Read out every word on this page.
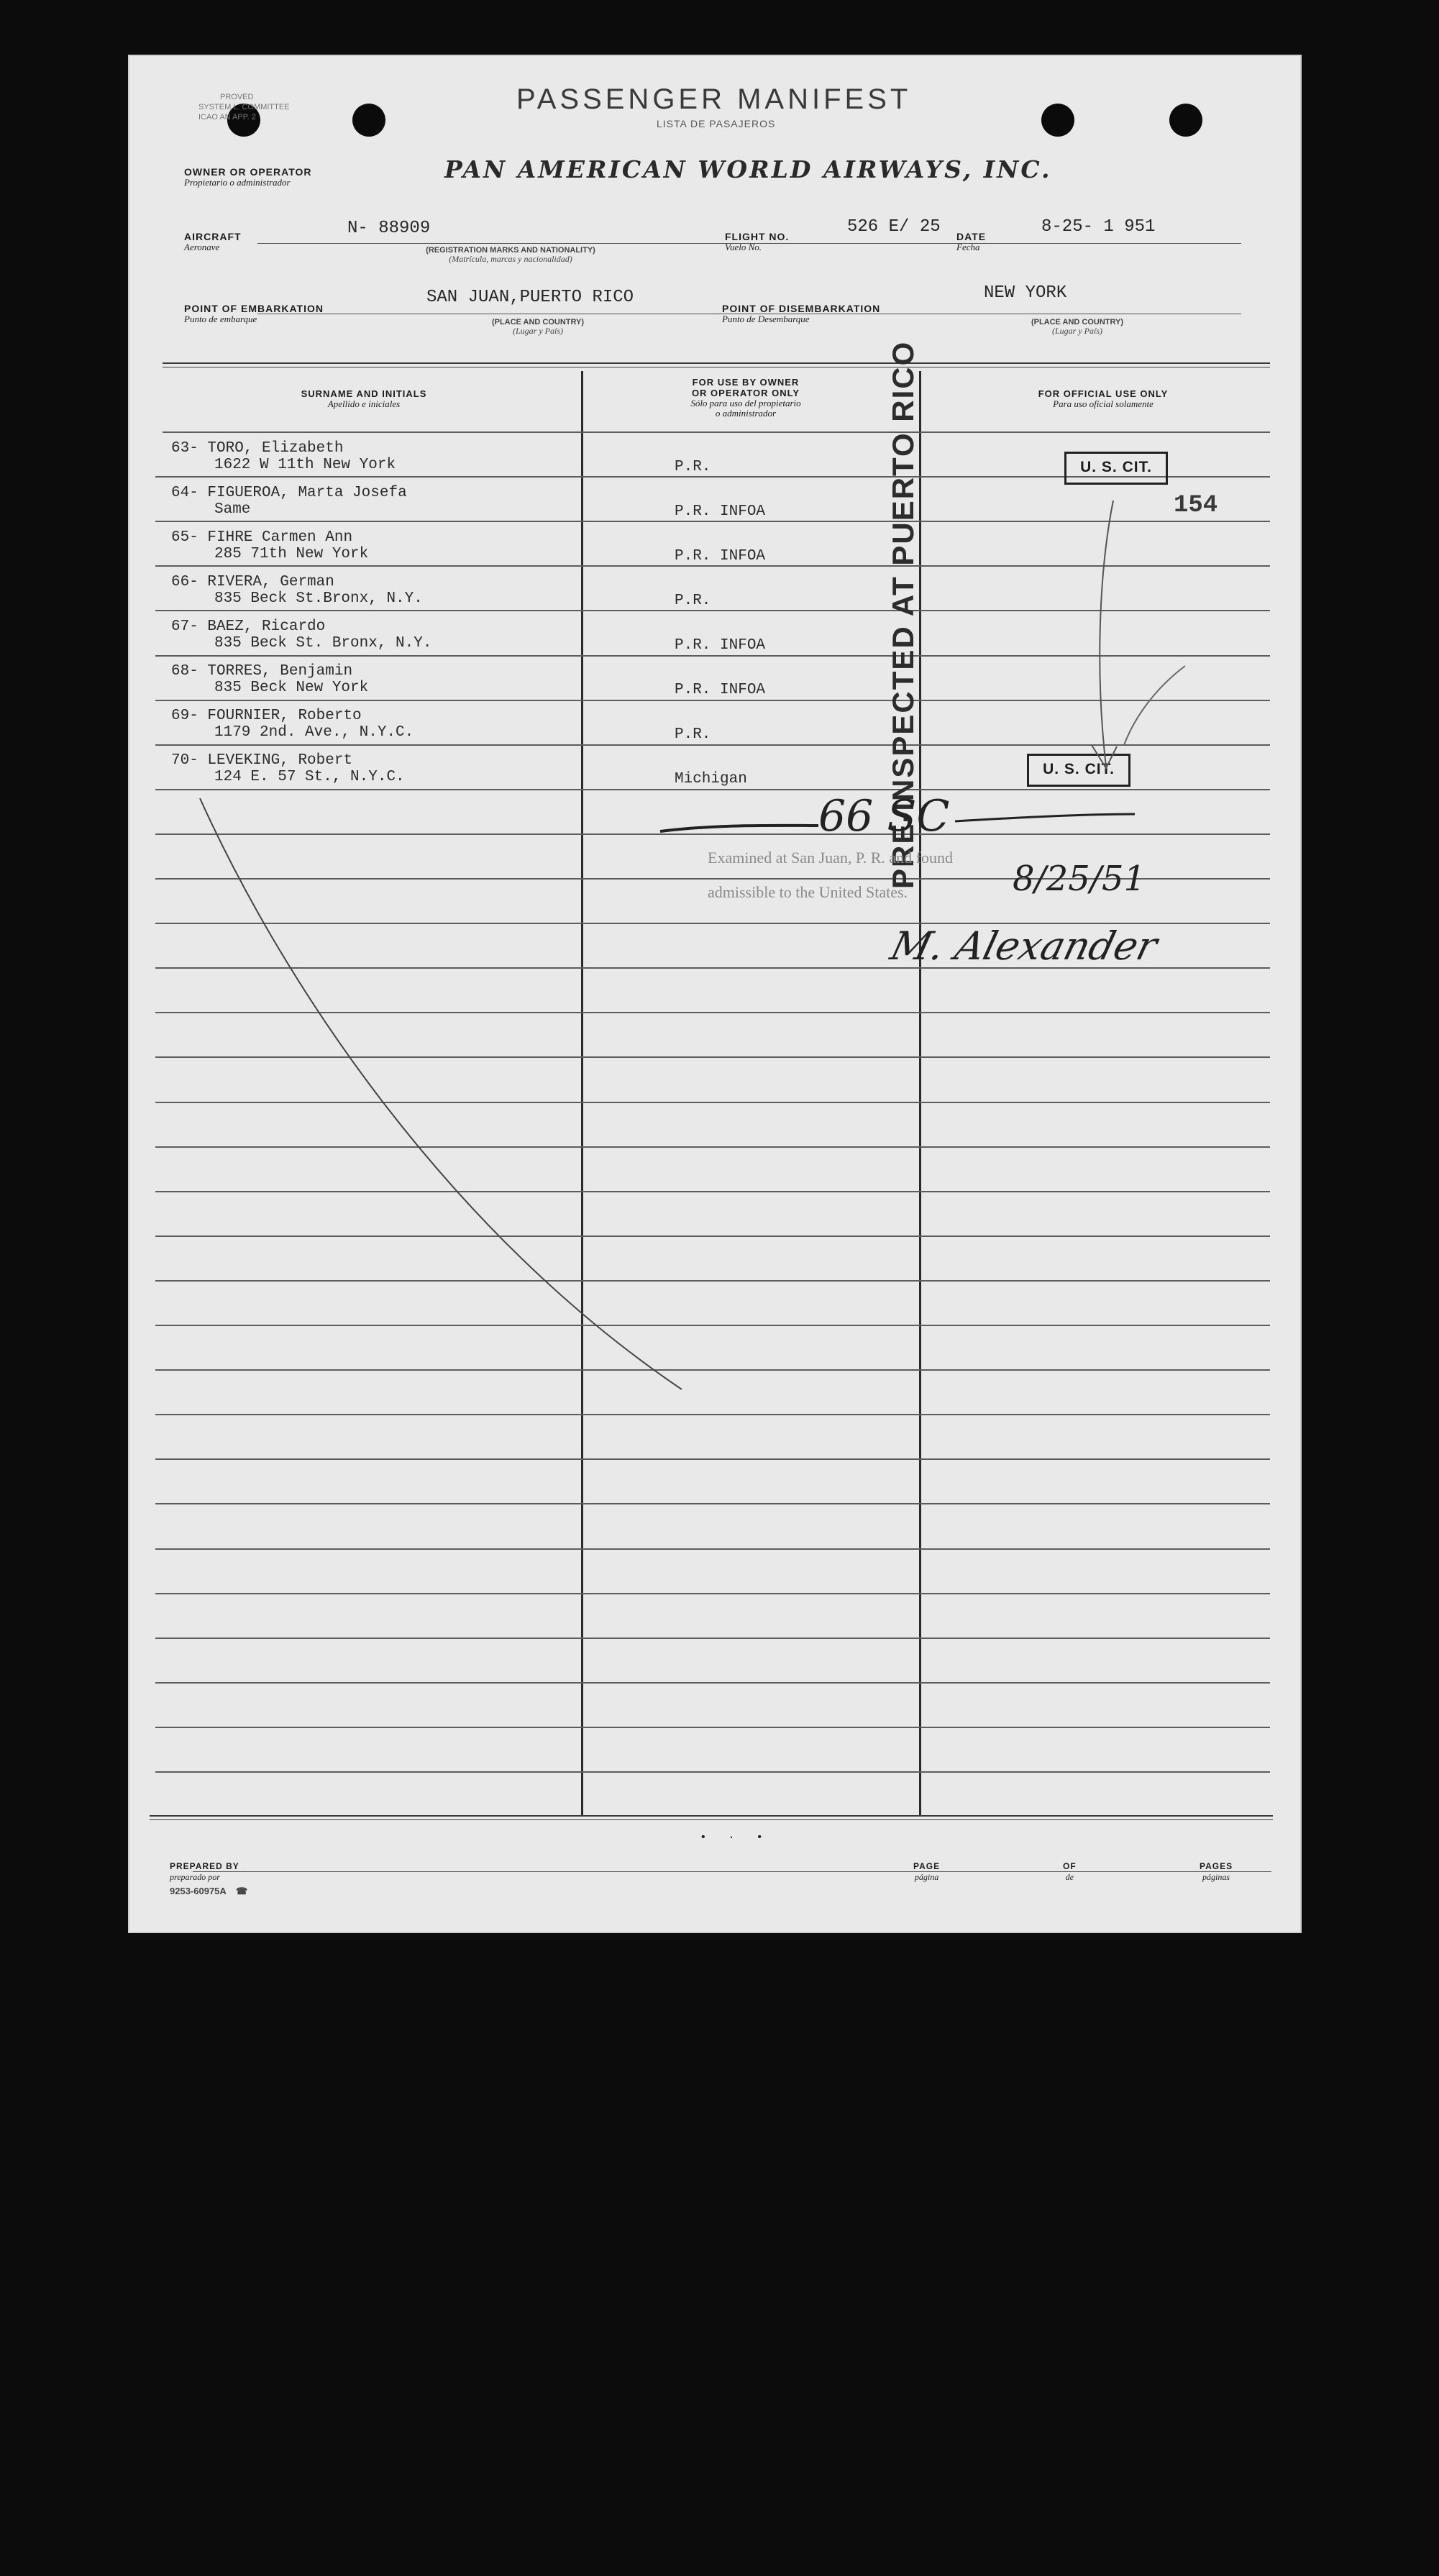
PROVED
SYSTEM L. COMMITTEE
ICAO AN APP. 2
PASSENGER MANIFEST
LISTA DE PASAJEROS
OWNER OR OPERATOR
Propietario o administrador	PAN AMERICAN WORLD AIRWAYS, INC.
AIRCRAFT
Aeronave
N- 88909
(REGISTRATION MARKS AND NATIONALITY)
(Matrícula, marcas y nacionalidad)
FLIGHT NO.
Vuelo No.
526 E/ 25 DATE
Fecha
8-25- 1 951
POINT OF EMBARKATION
Punto de embarque
SAN JUAN,PUERTO RICO
(PLACE AND COUNTRY)
(Lugar y País)
POINT OF DISEMBARKATION
Punto de Desembarque
NEW YORK
(PLACE AND COUNTRY)
(Lugar y País)
SURNAME AND INITIALS
Apellido e iniciales
FOR USE BY OWNER
OR OPERATOR ONLY
Sólo para uso del propietario
o administrador
FOR OFFICIAL USE ONLY
Para uso oficial solamente
63- TORO, Elizabeth
1622 W 11th New York
64- FIGUEROA, Marta Josefa
Same
65- FIHRE Carmen Ann
285 71th New York
66- RIVERA, German
835 Beck St.Bronx, N.Y.
67- BAEZ, Ricardo
835 Beck St. Bronx, N.Y.
68- TORRES, Benjamin
835 Beck New York
69- FOURNIER, Roberto
1179 2nd. Ave., N.Y.C.
70- LEVEKING, Robert
124 E. 57 St., N.Y.C.
P.R.
P.R. INFOA
P.R. INFOA
P.R.
P.R. INFOA
P.R. INFOA
P.R.
Michigan
U. S. CIT.
154
U. S. CIT.
PRE-INSPECTED AT PUERTO RICO
Examined at San Juan, P. R. and found
admissible to the United States.
66 SC
8/25/51
M. Alexander
• · •
PREPARED BY
preparado por
PAGE
página
OF
de
PAGES
páginas
9253-60975A ☎
